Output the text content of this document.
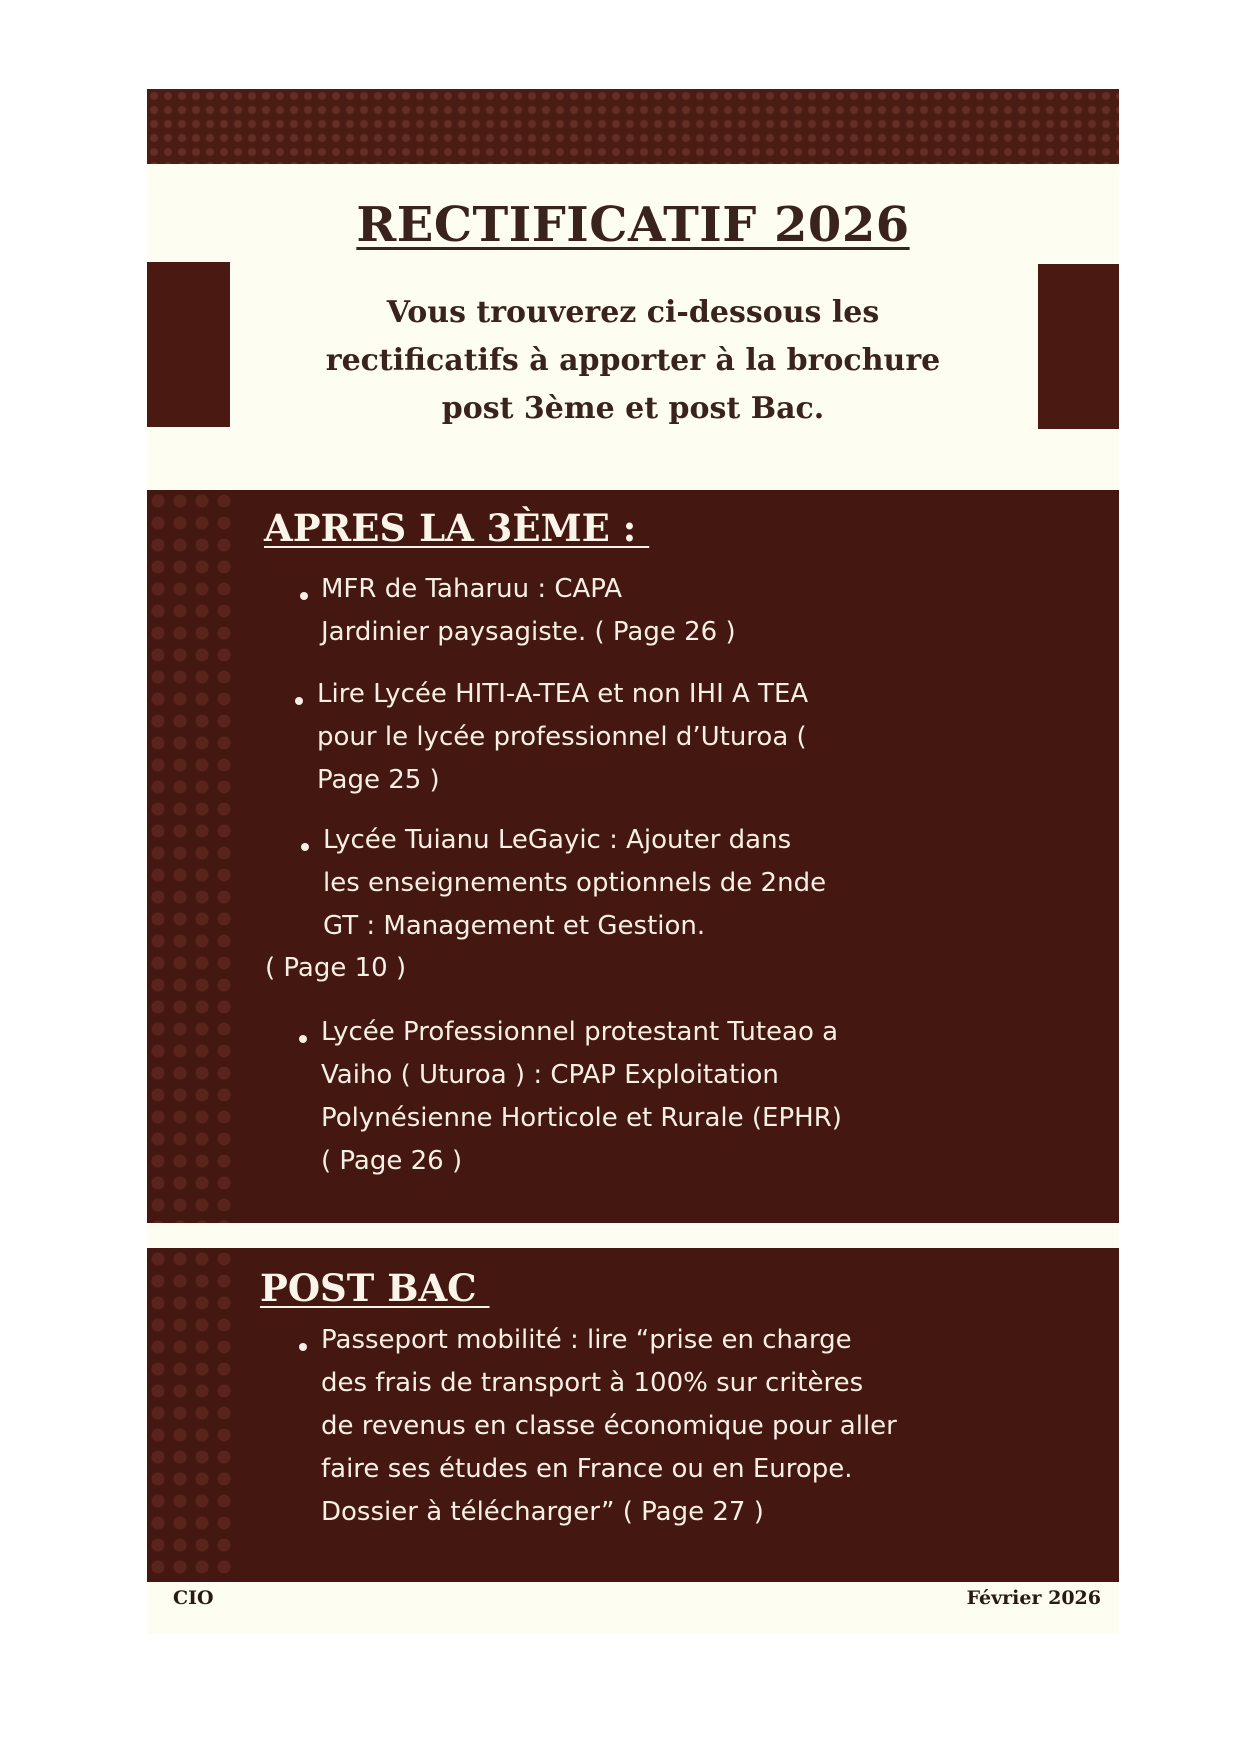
RECTIFICATIF 2026

Vous trouverez ci-dessous les
rectificatifs à apporter à la brochure
post 3ème et post Bac.

APRES LA 3ÈME :

MFR de Taharuu : CAPA
Jardinier paysagiste. ( Page 26 )

Lire Lycée HITI-A-TEA et non IHI A TEA
pour le lycée professionnel d’Uturoa (
Page 25 )

Lycée Tuianu LeGayic : Ajouter dans
les enseignements optionnels de 2nde
GT : Management et Gestion.

( Page 10 )

Lycée Professionnel protestant Tuteao a
Vaiho ( Uturoa ) : CPAP Exploitation
Polynésienne Horticole et Rurale (EPHR)
( Page 26 )

POST BAC

Passeport mobilité : lire “prise en charge
des frais de transport à 100% sur critères
de revenus en classe économique pour aller
faire ses études en France ou en Europe.
Dossier à télécharger” ( Page 27 )

CIO	Février 2026
